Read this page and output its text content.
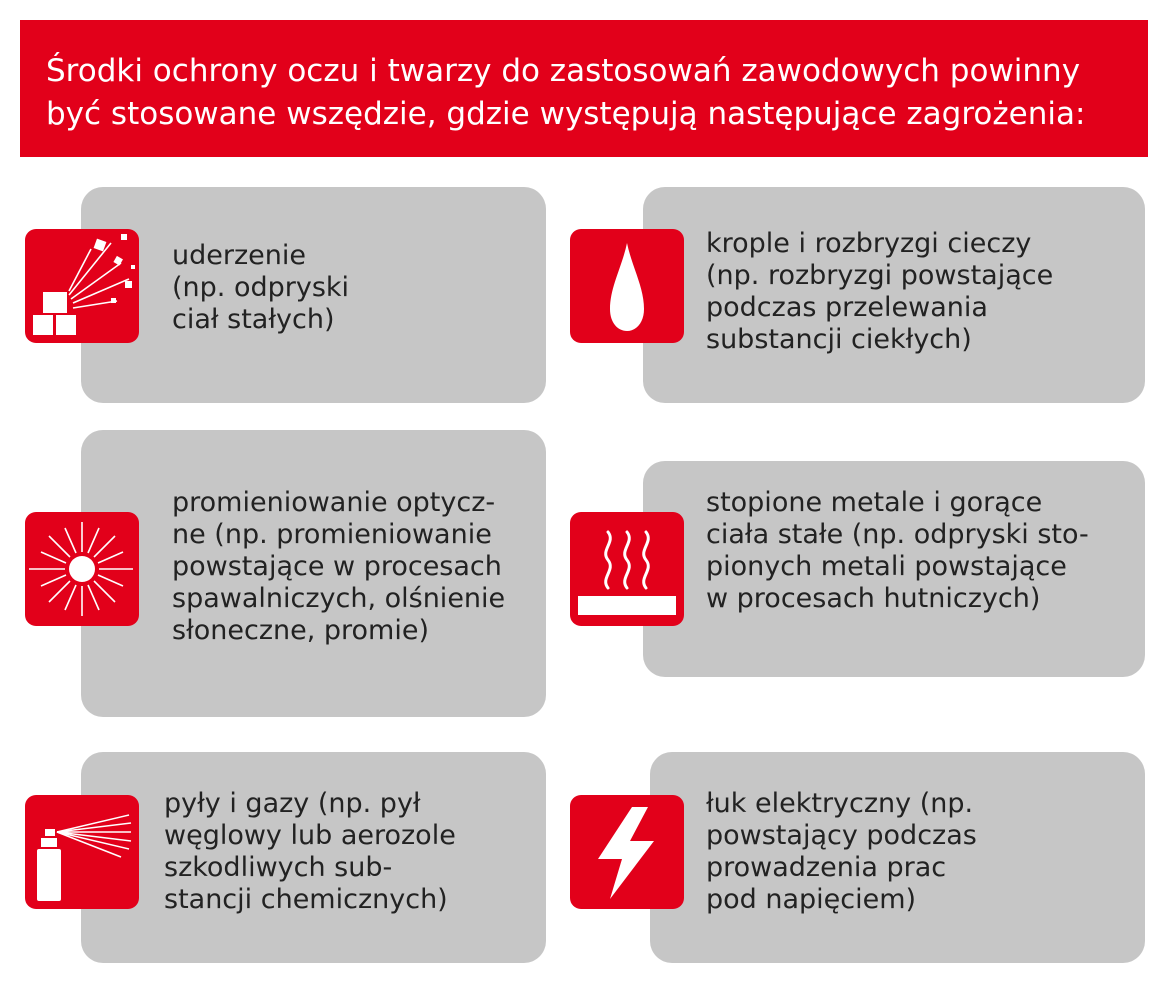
Środki ochrony oczu i twarzy do zastosowań zawodowych powinny
być stosowane wszędzie, gdzie występują następujące zagrożenia:
uderzenie
(np. odpryski
ciał stałych)
krople i rozbryzgi cieczy
(np. rozbryzgi powstające
podczas przelewania
substancji ciekłych)
promieniowanie optycz-
ne (np. promieniowanie
powstające w procesach
spawalniczych, olśnienie
słoneczne, promie)
stopione metale i gorące
ciała stałe (np. odpryski sto-
pionych metali powstające
w procesach hutniczych)
pyły i gazy (np. pył
węglowy lub aerozole
szkodliwych sub-
stancji chemicznych)
łuk elektryczny (np.
powstający podczas
prowadzenia prac
pod napięciem)
